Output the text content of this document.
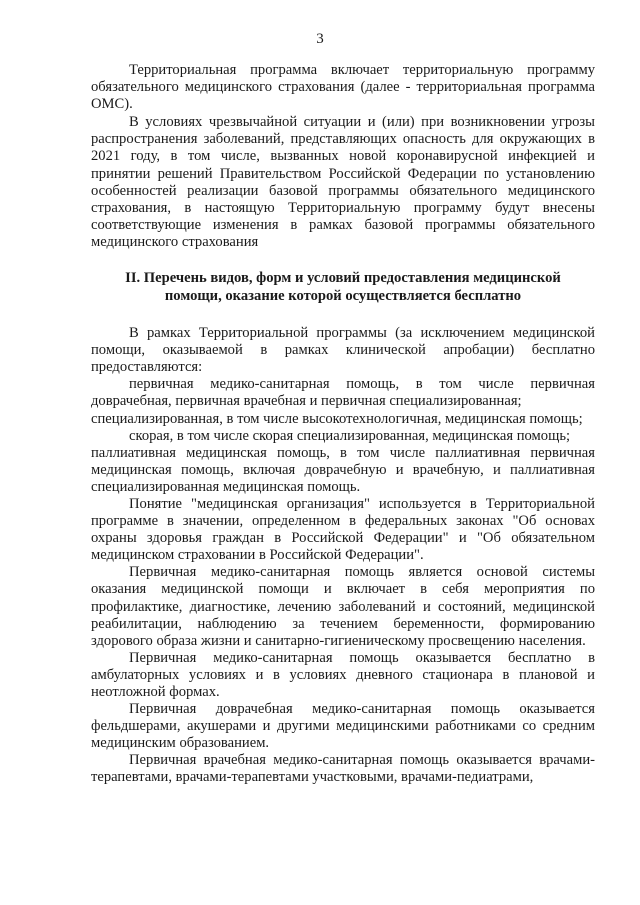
3

Территориальная программа включает территориальную программу обязательного медицинского страхования (далее - территориальная программа ОМС).

В условиях чрезвычайной ситуации и (или) при возникновении угрозы распространения заболеваний, представляющих опасность для окружающих в 2021 году, в том числе, вызванных новой коронавирусной инфекцией и принятии решений Правительством Российской Федерации по установлению особенностей реализации базовой программы обязательного медицинского страхования, в настоящую Территориальную программу будут внесены соответствующие изменения в рамках базовой программы обязательного медицинского страхования

II. Перечень видов, форм и условий предоставления медицинской
помощи, оказание которой осуществляется бесплатно

В рамках Территориальной программы (за исключением медицинской помощи, оказываемой в рамках клинической апробации) бесплатно предоставляются:

первичная медико-санитарная помощь, в том числе первичная доврачебная, первичная врачебная и первичная специализированная;

специализированная, в том числе высокотехнологичная, медицинская помощь;

скорая, в том числе скорая специализированная, медицинская помощь;

паллиативная медицинская помощь, в том числе паллиативная первичная медицинская помощь, включая доврачебную и врачебную, и паллиативная специализированная медицинская помощь.

Понятие "медицинская организация" используется в Территориальной программе в значении, определенном в федеральных законах "Об основах охраны здоровья граждан в Российской Федерации" и "Об обязательном медицинском страховании в Российской Федерации".

Первичная медико-санитарная помощь является основой системы оказания медицинской помощи и включает в себя мероприятия по профилактике, диагностике, лечению заболеваний и состояний, медицинской реабилитации, наблюдению за течением беременности, формированию здорового образа жизни и санитарно-гигиеническому просвещению населения.

Первичная медико-санитарная помощь оказывается бесплатно в амбулаторных условиях и в условиях дневного стационара в плановой и неотложной формах.

Первичная доврачебная медико-санитарная помощь оказывается фельдшерами, акушерами и другими медицинскими работниками со средним медицинским образованием.

Первичная врачебная медико-санитарная помощь оказывается врачами-терапевтами, врачами-терапевтами участковыми, врачами-педиатрами,
